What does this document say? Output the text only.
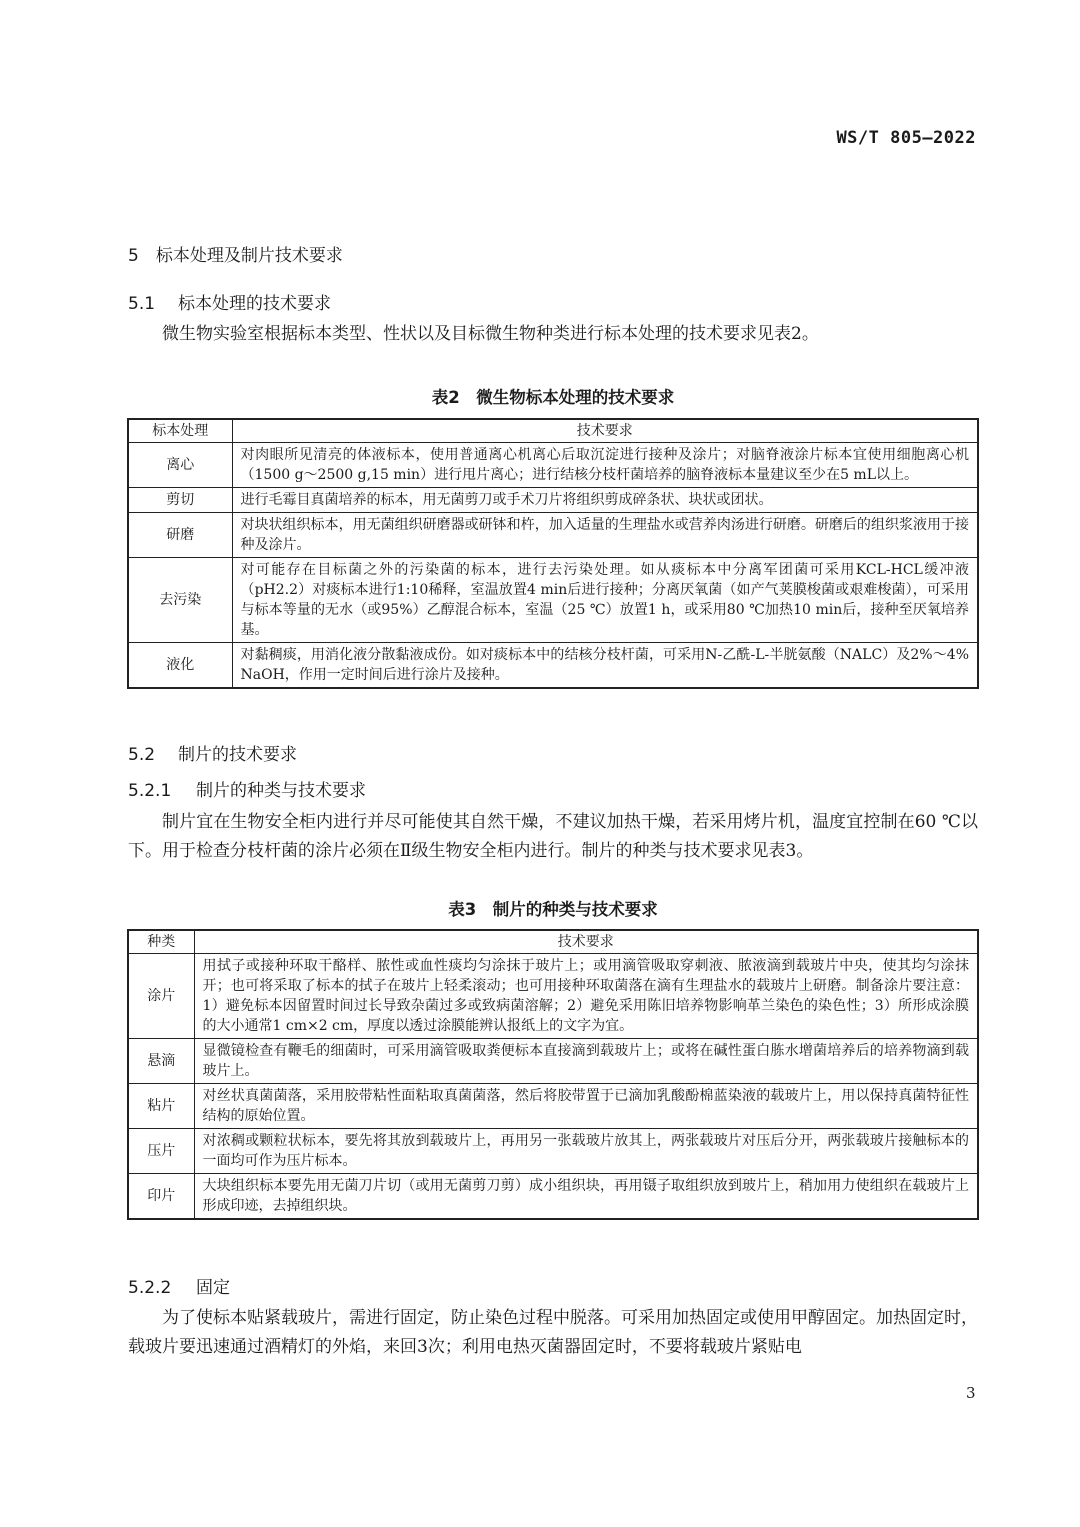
WS/T 805—2022
5 标本处理及制片技术要求
5.1 标本处理的技术要求
微生物实验室根据标本类型、性状以及目标微生物种类进行标本处理的技术要求见表2。
表2 微生物标本处理的技术要求
标本处理	技术要求
离心	对肉眼所见清亮的体液标本，使用普通离心机离心后取沉淀进行接种及涂片；对脑脊液涂片标本宜使用细胞离心机（1500 g～2500 g,15 min）进行甩片离心；进行结核分枝杆菌培养的脑脊液标本量建议至少在5 mL以上。
剪切	进行毛霉目真菌培养的标本，用无菌剪刀或手术刀片将组织剪成碎条状、块状或团状。
研磨	对块状组织标本，用无菌组织研磨器或研钵和杵，加入适量的生理盐水或营养肉汤进行研磨。研磨后的组织浆液用于接种及涂片。
去污染	对可能存在目标菌之外的污染菌的标本，进行去污染处理。如从痰标本中分离军团菌可采用KCL-HCL缓冲液（pH2.2）对痰标本进行1:10稀释，室温放置4 min后进行接种；分离厌氧菌（如产气荚膜梭菌或艰难梭菌），可采用与标本等量的无水（或95%）乙醇混合标本，室温（25 ℃）放置1 h，或采用80 ℃加热10 min后，接种至厌氧培养基。
液化	对黏稠痰，用消化液分散黏液成份。如对痰标本中的结核分枝杆菌，可采用N-乙酰-L-半胱氨酸（NALC）及2%～4% NaOH，作用一定时间后进行涂片及接种。
5.2 制片的技术要求
5.2.1 制片的种类与技术要求
制片宜在生物安全柜内进行并尽可能使其自然干燥，不建议加热干燥，若采用烤片机，温度宜控制在60 ℃以下。用于检查分枝杆菌的涂片必须在Ⅱ级生物安全柜内进行。制片的种类与技术要求见表3。
表3 制片的种类与技术要求
种类	技术要求
涂片	用拭子或接种环取干酪样、脓性或血性痰均匀涂抹于玻片上；或用滴管吸取穿刺液、脓液滴到载玻片中央，使其均匀涂抹开；也可将采取了标本的拭子在玻片上轻柔滚动；也可用接种环取菌落在滴有生理盐水的载玻片上研磨。制备涂片要注意：1）避免标本因留置时间过长导致杂菌过多或致病菌溶解；2）避免采用陈旧培养物影响革兰染色的染色性；3）所形成涂膜的大小通常1 cm×2 cm，厚度以透过涂膜能辨认报纸上的文字为宜。
悬滴	显微镜检查有鞭毛的细菌时，可采用滴管吸取粪便标本直接滴到载玻片上；或将在碱性蛋白胨水增菌培养后的培养物滴到载玻片上。
粘片	对丝状真菌菌落，采用胶带粘性面粘取真菌菌落，然后将胶带置于已滴加乳酸酚棉蓝染液的载玻片上，用以保持真菌特征性结构的原始位置。
压片	对浓稠或颗粒状标本，要先将其放到载玻片上，再用另一张载玻片放其上，两张载玻片对压后分开，两张载玻片接触标本的一面均可作为压片标本。
印片	大块组织标本要先用无菌刀片切（或用无菌剪刀剪）成小组织块，再用镊子取组织放到玻片上，稍加用力使组织在载玻片上形成印迹，去掉组织块。
5.2.2 固定
为了使标本贴紧载玻片，需进行固定，防止染色过程中脱落。可采用加热固定或使用甲醇固定。加热固定时，载玻片要迅速通过酒精灯的外焰，来回3次；利用电热灭菌器固定时，不要将载玻片紧贴电
3
